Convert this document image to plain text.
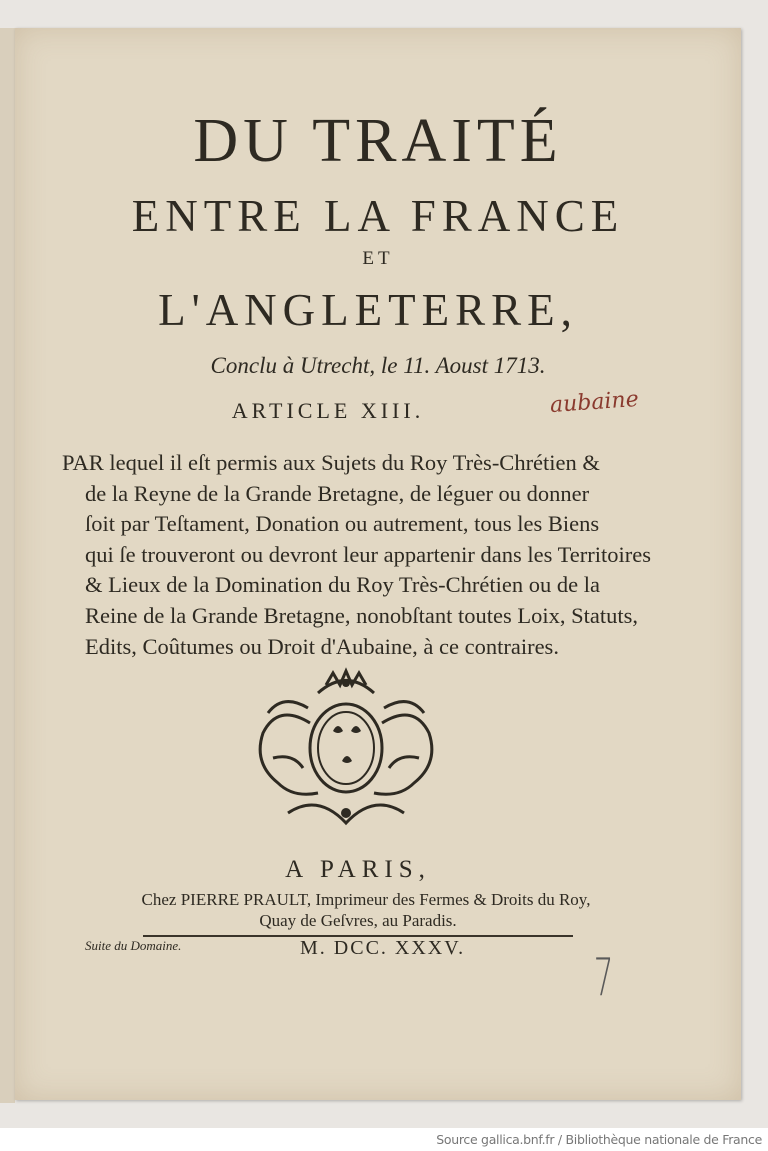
DU TRAITÉ
ENTRE LA FRANCE
ET
L'ANGLETERRE,
Conclu à Utrecht, le 11. Aoust 1713.
ARTICLE XIII.	aubaine
PAR lequel il eſt permis aux Sujets du Roy Très-Chrétien &
de la Reyne de la Grande Bretagne, de léguer ou donner
ſoit par Teſtament, Donation ou autrement, tous les Biens
qui ſe trouveront ou devront leur appartenir dans les Territoires
& Lieux de la Domination du Roy Très-Chrétien ou de la
Reine de la Grande Bretagne, nonobſtant toutes Loix, Statuts,
Edits, Coûtumes ou Droit d'Aubaine, à ce contraires.
A PARIS,
Chez PIERRE PRAULT, Imprimeur des Fermes & Droits du Roy,
Quay de Geſvres, au Paradis.
Suite du Domaine.	M. DCC. XXXV. 7
Source gallica.bnf.fr / Bibliothèque nationale de France
